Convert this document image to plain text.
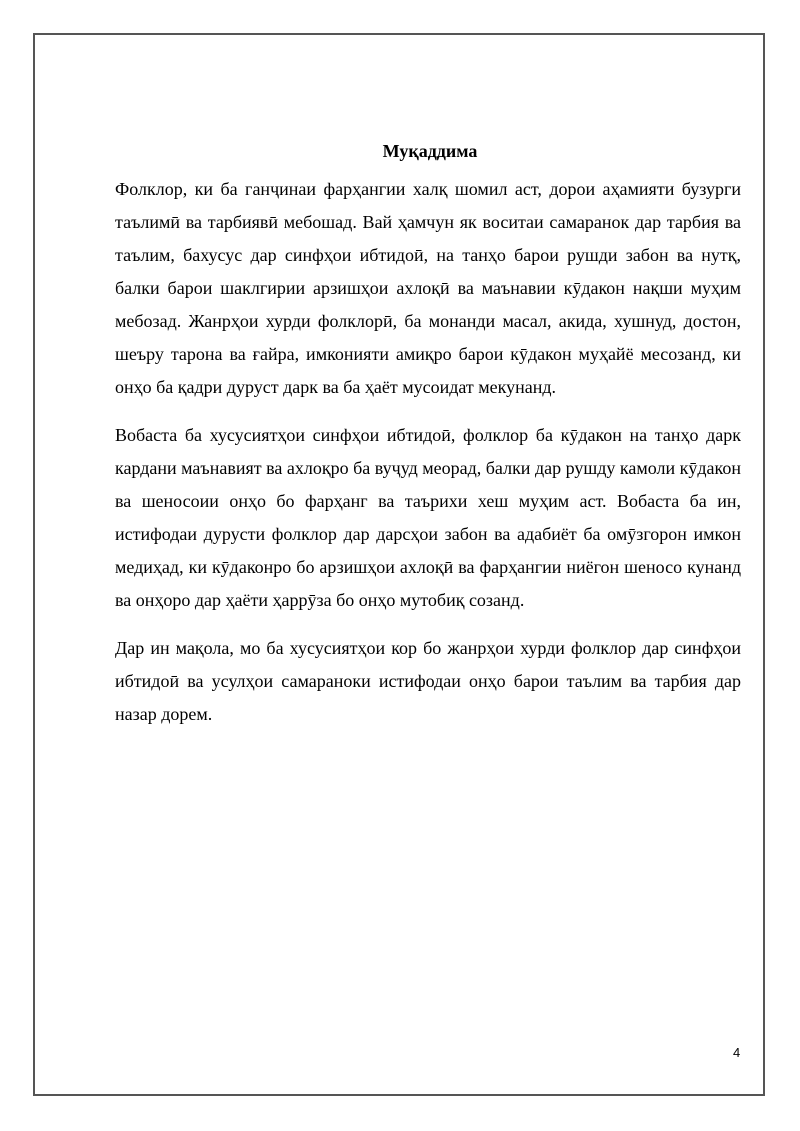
Муқаддима

Фолклор, ки ба ганҷинаи фарҳангии халқ шомил аст, дорои аҳамияти бузурги таълимӣ ва тарбиявӣ мебошад. Вай ҳамчун як воситаи самаранок дар тарбия ва таълим, бахусус дар синфҳои ибтидоӣ, на танҳо барои рушди забон ва нутқ, балки барои шаклгирии арзишҳои ахлоқӣ ва маънавии кӯдакон нақши муҳим мебозад. Жанрҳои хурди фолклорӣ, ба монанди масал, акида, хушнуд, достон, шеъру тарона ва ғайра, имконияти амиқро барои кӯдакон муҳайё месозанд, ки онҳо ба қадри дуруст дарк ва ба ҳаёт мусоидат мекунанд.

Вобаста ба хусусиятҳои синфҳои ибтидоӣ, фолклор ба кӯдакон на танҳо дарк кардани маънавият ва ахлоқро ба вуҷуд меорад, балки дар рушду камоли кӯдакон ва шеносоии онҳо бо фарҳанг ва таърихи хеш муҳим аст. Вобаста ба ин, истифодаи дурусти фолклор дар дарсҳои забон ва адабиёт ба омӯзгорон имкон медиҳад, ки кӯдаконро бо арзишҳои ахлоқӣ ва фарҳангии ниёгон шеносо кунанд ва онҳоро дар ҳаёти ҳаррӯза бо онҳо мутобиқ созанд.

Дар ин мақола, мо ба хусусиятҳои кор бо жанрҳои хурди фолклор дар синфҳои ибтидоӣ ва усулҳои самараноки истифодаи онҳо барои таълим ва тарбия дар назар дорем.

4
